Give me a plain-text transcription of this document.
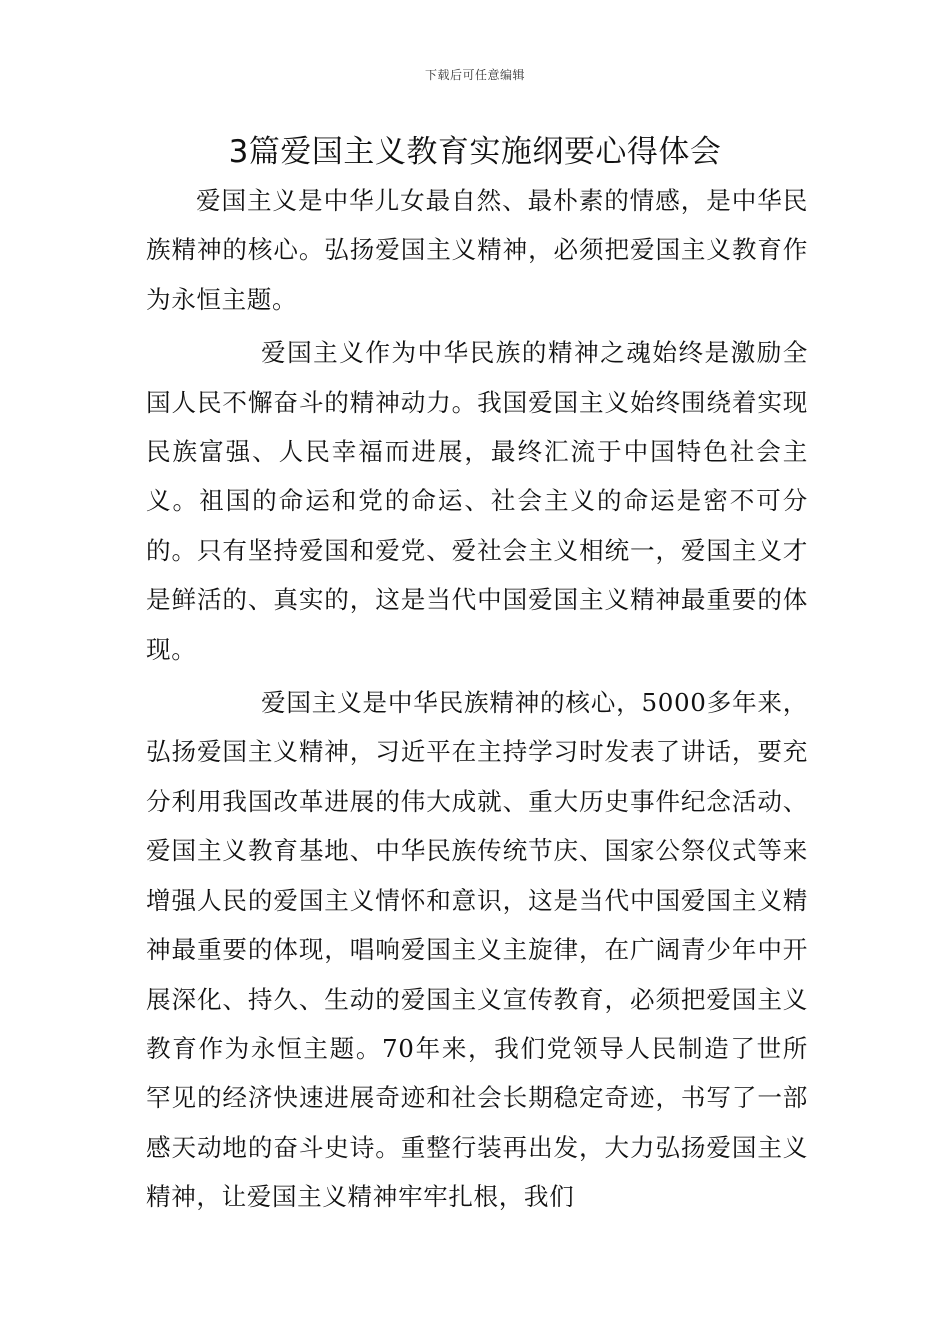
下载后可任意编辑
3篇爱国主义教育实施纲要心得体会

爱国主义是中华儿女最自然、最朴素的情感，是中华民族精神的核心。弘扬爱国主义精神，必须把爱国主义教育作为永恒主题。

爱国主义作为中华民族的精神之魂始终是激励全国人民不懈奋斗的精神动力。我国爱国主义始终围绕着实现民族富强、人民幸福而进展，最终汇流于中国特色社会主义。祖国的命运和党的命运、社会主义的命运是密不可分的。只有坚持爱国和爱党、爱社会主义相统一，爱国主义才是鲜活的、真实的，这是当代中国爱国主义精神最重要的体现。

爱国主义是中华民族精神的核心，5000多年来，弘扬爱国主义精神，习近平在主持学习时发表了讲话，要充分利用我国改革进展的伟大成就、重大历史事件纪念活动、爱国主义教育基地、中华民族传统节庆、国家公祭仪式等来增强人民的爱国主义情怀和意识，这是当代中国爱国主义精神最重要的体现，唱响爱国主义主旋律，在广阔青少年中开展深化、持久、生动的爱国主义宣传教育，必须把爱国主义教育作为永恒主题。70年来，我们党领导人民制造了世所罕见的经济快速进展奇迹和社会长期稳定奇迹，书写了一部感天动地的奋斗史诗。重整行装再出发，大力弘扬爱国主义精神，让爱国主义精神牢牢扎根，我们
